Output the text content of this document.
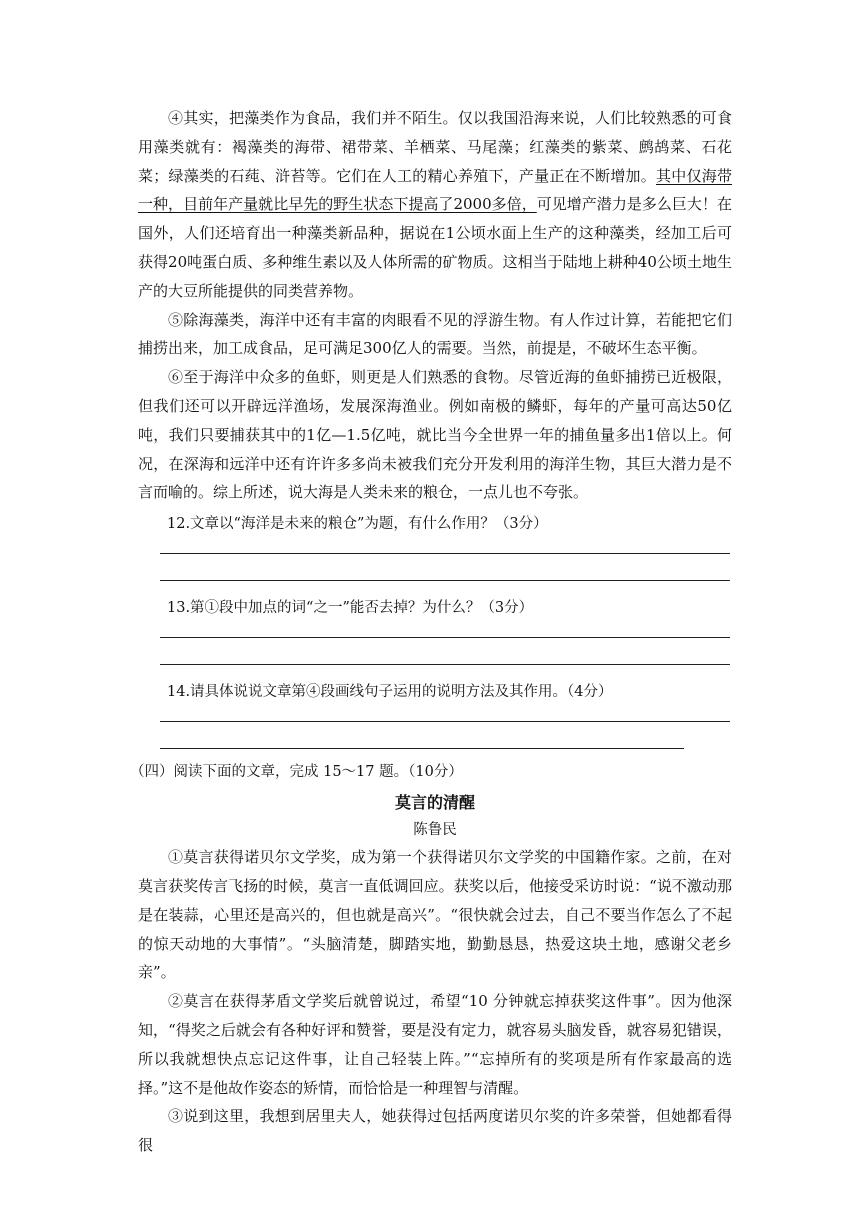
④其实，把藻类作为食品，我们并不陌生。仅以我国沿海来说，人们比较熟悉的可食用藻类就有：褐藻类的海带、裙带菜、羊栖菜、马尾藻；红藻类的紫菜、鹧鸪菜、石花菜；绿藻类的石莼、浒苔等。它们在人工的精心养殖下，产量正在不断增加。其中仅海带一种，目前年产量就比早先的野生状态下提高了2000多倍，可见增产潜力是多么巨大！在国外，人们还培育出一种藻类新品种，据说在1公顷水面上生产的这种藻类，经加工后可获得20吨蛋白质、多种维生素以及人体所需的矿物质。这相当于陆地上耕种40公顷土地生产的大豆所能提供的同类营养物。

⑤除海藻类，海洋中还有丰富的肉眼看不见的浮游生物。有人作过计算，若能把它们捕捞出来，加工成食品，足可满足300亿人的需要。当然，前提是，不破坏生态平衡。

⑥至于海洋中众多的鱼虾，则更是人们熟悉的食物。尽管近海的鱼虾捕捞已近极限，但我们还可以开辟远洋渔场，发展深海渔业。例如南极的鳞虾，每年的产量可高达50亿吨，我们只要捕获其中的1亿—1.5亿吨，就比当今全世界一年的捕鱼量多出1倍以上。何况，在深海和远洋中还有许许多多尚未被我们充分开发利用的海洋生物，其巨大潜力是不言而喻的。综上所述，说大海是人类未来的粮仓，一点儿也不夸张。

12.文章以“海洋是未来的粮仓”为题，有什么作用？（3分）

13.第①段中加点的词“之一”能否去掉？为什么？（3分）

14.请具体说说文章第④段画线句子运用的说明方法及其作用。（4分）

（四）阅读下面的文章，完成 15～17 题。（10分）

莫言的清醒

陈鲁民

①莫言获得诺贝尔文学奖，成为第一个获得诺贝尔文学奖的中国籍作家。之前，在对莫言获奖传言飞扬的时候，莫言一直低调回应。获奖以后，他接受采访时说：“说不激动那是在装蒜，心里还是高兴的，但也就是高兴”。“很快就会过去，自己不要当作怎么了不起的惊天动地的大事情”。“头脑清楚，脚踏实地，勤勤恳恳，热爱这块土地，感谢父老乡亲”。

②莫言在获得茅盾文学奖后就曾说过，希望“10 分钟就忘掉获奖这件事”。因为他深知，“得奖之后就会有各种好评和赞誉，要是没有定力，就容易头脑发昏，就容易犯错误，所以我就想快点忘记这件事，让自己轻装上阵。”“忘掉所有的奖项是所有作家最高的选择。”这不是他故作姿态的矫情，而恰恰是一种理智与清醒。

③说到这里，我想到居里夫人，她获得过包括两度诺贝尔奖的许多荣誉，但她都看得很
